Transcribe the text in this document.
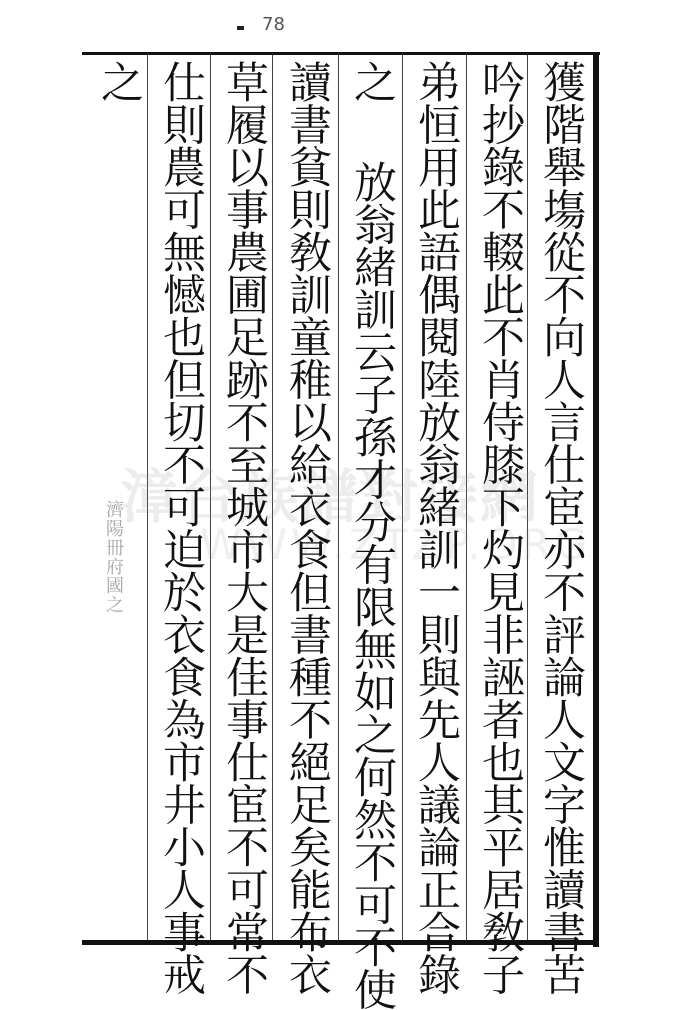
78
漳台族譜對接網
WWW.ZTZP.ORG
濟陽冊府國之	獲階舉塲從不向人言仕宦亦不評論人文字惟讀書苦
吟抄錄不輟此不肖侍膝下灼見非誣者也其平居敎子
弟恒用此語偶閱陸放翁緒訓一則與先人議論正合錄
之
放翁緒訓云子孫才分有限無如之何然不可不使
讀書貧則敎訓童稚以給衣食但書種不絕足矣能布衣
草履以事農圃足跡不至城市大是佳事仕宦不可常不
仕則農可無憾也但切不可迫於衣食為市井小人事戒
之
